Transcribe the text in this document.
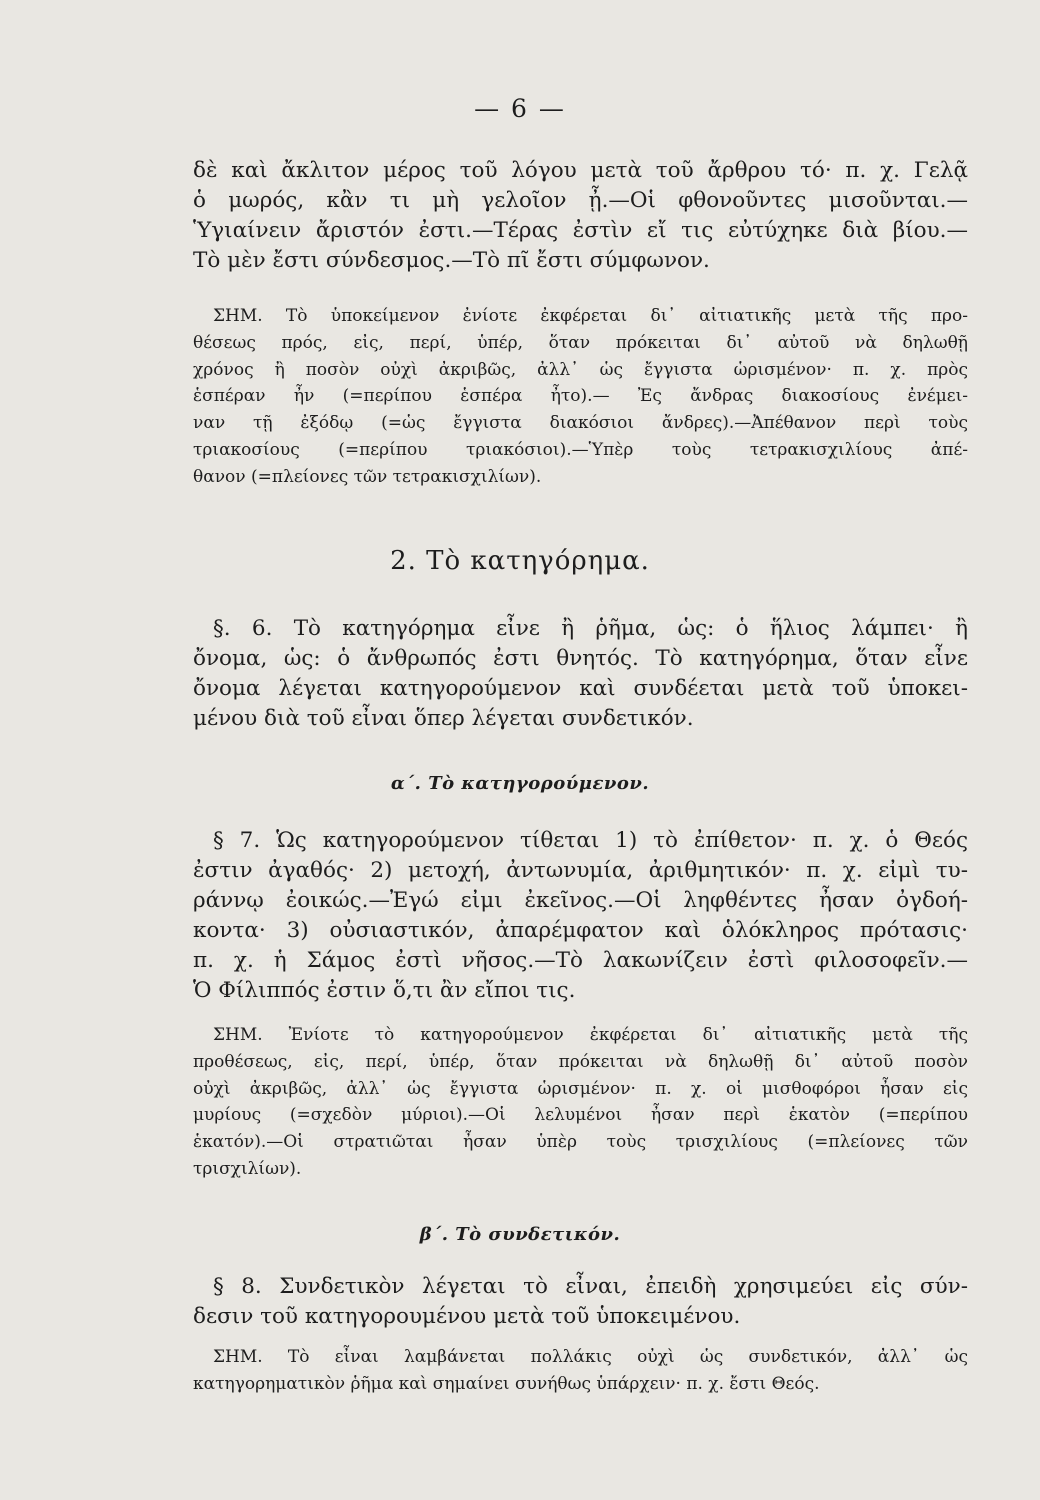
— 6 —
δὲ καὶ ἄκλιτον μέρος τοῦ λόγου μετὰ τοῦ ἄρθρου τό· π. χ. Γελᾷ
ὁ μωρός, κἂν τι μὴ γελοῖον ᾖ.—Οἱ φθονοῦντες μισοῦνται.—
Ὑγιαίνειν ἄριστόν ἐστι.—Τέρας ἐστὶν εἴ τις εὐτύχηκε διὰ βίου.—
Τὸ μὲν ἔστι σύνδεσμος.—Τὸ πῖ ἔστι σύμφωνον.
ΣΗΜ. Τὸ ὑποκείμενον ἐνίοτε ἐκφέρεται δι᾿ αἰτιατικῆς μετὰ τῆς προ-
θέσεως πρός, εἰς, περί, ὑπέρ, ὅταν πρόκειται δι᾿ αὐτοῦ νὰ δηλωθῇ
χρόνος ἢ ποσὸν οὐχὶ ἀκριβῶς, ἀλλ᾿ ὡς ἔγγιστα ὡρισμένον· π. χ. πρὸς
ἑσπέραν ἦν (=περίπου ἑσπέρα ἦτο).— Ἐς ἄνδρας διακοσίους ἐνέμει-
ναν τῇ ἐξόδῳ (=ὡς ἔγγιστα διακόσιοι ἄνδρες).—Ἀπέθανον περὶ τοὺς
τριακοσίους (=περίπου τριακόσιοι).—Ὑπὲρ τοὺς τετρακισχιλίους ἀπέ-
θανον (=πλείονες τῶν τετρακισχιλίων).
2. Τὸ κατηγόρημα.
§. 6. Τὸ κατηγόρημα εἶνε ἢ ῥῆμα, ὡς: ὁ ἥλιος λάμπει· ἢ
ὄνομα, ὡς: ὁ ἄνθρωπός ἐστι θνητός. Τὸ κατηγόρημα, ὅταν εἶνε
ὄνομα λέγεται κατηγορούμενον καὶ συνδέεται μετὰ τοῦ ὑποκει-
μένου διὰ τοῦ εἶναι ὅπερ λέγεται συνδετικόν.
α΄. Τὸ κατηγορούμενον.
§ 7. Ὡς κατηγορούμενον τίθεται 1) τὸ ἐπίθετον· π. χ. ὁ Θεός
ἐστιν ἀγαθός· 2) μετοχή, ἀντωνυμία, ἀριθμητικόν· π. χ. εἰμὶ τυ-
ράννῳ ἐοικώς.—Ἐγώ εἰμι ἐκεῖνος.—Οἱ ληφθέντες ἦσαν ὀγδοή-
κοντα· 3) οὐσιαστικόν, ἀπαρέμφατον καὶ ὁλόκληρος πρότασις·
π. χ. ἡ Σάμος ἐστὶ νῆσος.—Τὸ λακωνίζειν ἐστὶ φιλοσοφεῖν.—
Ὁ Φίλιππός ἐστιν ὅ,τι ἂν εἴποι τις.
ΣΗΜ. Ἐνίοτε τὸ κατηγορούμενον ἐκφέρεται δι᾿ αἰτιατικῆς μετὰ τῆς
προθέσεως, εἰς, περί, ὑπέρ, ὅταν πρόκειται νὰ δηλωθῇ δι᾿ αὐτοῦ ποσὸν
οὐχὶ ἀκριβῶς, ἀλλ᾿ ὡς ἔγγιστα ὡρισμένον· π. χ. οἱ μισθοφόροι ἦσαν εἰς
μυρίους (=σχεδὸν μύριοι).—Οἱ λελυμένοι ἦσαν περὶ ἑκατὸν (=περίπου
ἑκατόν).—Οἱ στρατιῶται ἦσαν ὑπὲρ τοὺς τρισχιλίους (=πλείονες τῶν
τρισχιλίων).
β΄. Τὸ συνδετικόν.
§ 8. Συνδετικὸν λέγεται τὸ εἶναι, ἐπειδὴ χρησιμεύει εἰς σύν-
δεσιν τοῦ κατηγορουμένου μετὰ τοῦ ὑποκειμένου.
ΣΗΜ. Τὸ εἶναι λαμβάνεται πολλάκις οὐχὶ ὡς συνδετικόν, ἀλλ᾿ ὡς
κατηγορηματικὸν ῥῆμα καὶ σημαίνει συνήθως ὑπάρχειν· π. χ. ἔστι Θεός.
